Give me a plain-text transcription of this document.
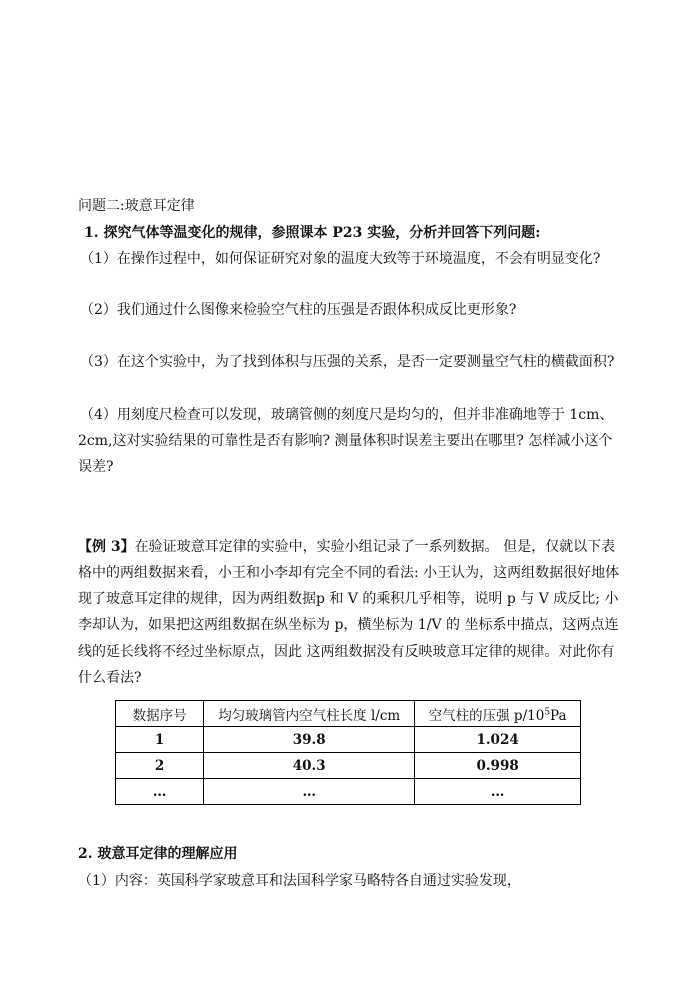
问题二:玻意耳定律
1. 探究气体等温变化的规律，参照课本 P23 实验，分析并回答下列问题:
（1）在操作过程中，如何保证研究对象的温度大致等于环境温度，不会有明显变化?
（2）我们通过什么图像来检验空气柱的压强是否跟体积成反比更形象?
（3）在这个实验中，为了找到体积与压强的关系，是否一定要测量空气柱的横截面积?
（4）用刻度尺检查可以发现，玻璃管侧的刻度尺是均匀的，但并非准确地等于 1cm、
2cm,这对实验结果的可靠性是否有影响? 测量体积时误差主要出在哪里? 怎样减小这个
误差?
【例 3】在验证玻意耳定律的实验中，实验小组记录了一系列数据。 但是，仅就以下表
格中的两组数据来看，小王和小李却有完全不同的看法: 小王认为，这两组数据很好地体
现了玻意耳定律的规律，因为两组数据p 和 V 的乘积几乎相等，说明 p 与 V 成反比; 小
李却认为，如果把这两组数据在纵坐标为 p，横坐标为 1/V 的 坐标系中描点，这两点连
线的延长线将不经过坐标原点，因此 这两组数据没有反映玻意耳定律的规律。对此你有
什么看法?
数据序号	均匀玻璃管内空气柱长度 l/cm	空气柱的压强 $p/10^5Pa$
1	39.8	1.024
2	40.3	0.998
…	…	…
2. 玻意耳定律的理解应用
（1）内容：英国科学家玻意耳和法国科学家马略特各自通过实验发现，
